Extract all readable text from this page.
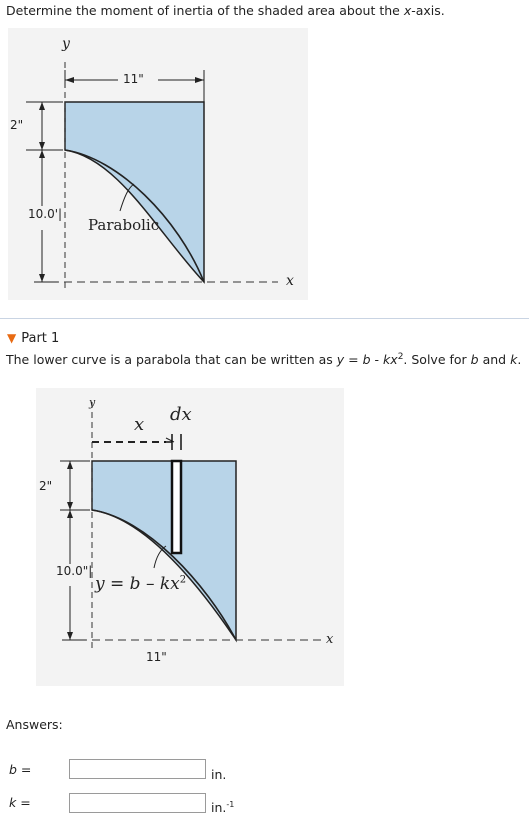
Determine the moment of inertia of the shaded area about the x-axis.
y
x
11"
2"
10.0'|
Parabolic
▼ Part 1
The lower curve is a parabola that can be written as $y = b - kx^2$. Solve for b and k.
y
x
x dx
2"
10.0"|
11"
$y = b - kx^2$
Answers:
b =	in.
k =	in.$^{-1}$
